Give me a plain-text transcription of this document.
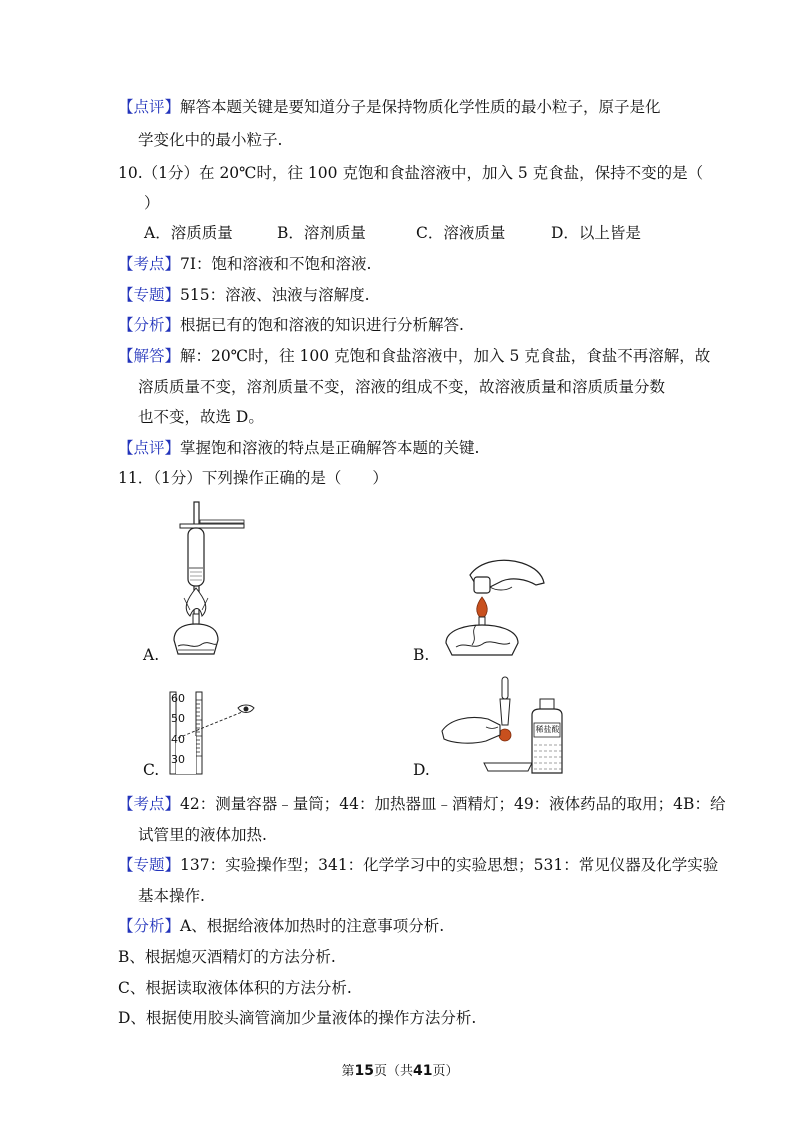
【点评】解答本题关键是要知道分子是保持物质化学性质的最小粒子，原子是化
学变化中的最小粒子.
10.（1分）在 20℃时，往 100 克饱和食盐溶液中，加入 5 克食盐，保持不变的是（
）
A．溶质质量	B．溶剂质量	C．溶液质量	D．以上皆是
【考点】7I：饱和溶液和不饱和溶液.
【专题】515：溶液、浊液与溶解度.
【分析】根据已有的饱和溶液的知识进行分析解答.
【解答】解：20℃时，往 100 克饱和食盐溶液中，加入 5 克食盐，食盐不再溶解，故
溶质质量不变，溶剂质量不变，溶液的组成不变，故溶液质量和溶质质量分数
也不变，故选 D。
【点评】掌握饱和溶液的特点是正确解答本题的关键.
11．（1分）下列操作正确的是（　　）
A.	B.
60
50
40
30
C.
稀盐酸
D.
【考点】42：测量容器﹣量筒；44：加热器皿﹣酒精灯；49：液体药品的取用；4B：给
试管里的液体加热.
【专题】137：实验操作型；341：化学学习中的实验思想；531：常见仪器及化学实验
基本操作.
【分析】A、根据给液体加热时的注意事项分析.
B、根据熄灭酒精灯的方法分析.
C、根据读取液体体积的方法分析.
D、根据使用胶头滴管滴加少量液体的操作方法分析.
第15页（共41页）
